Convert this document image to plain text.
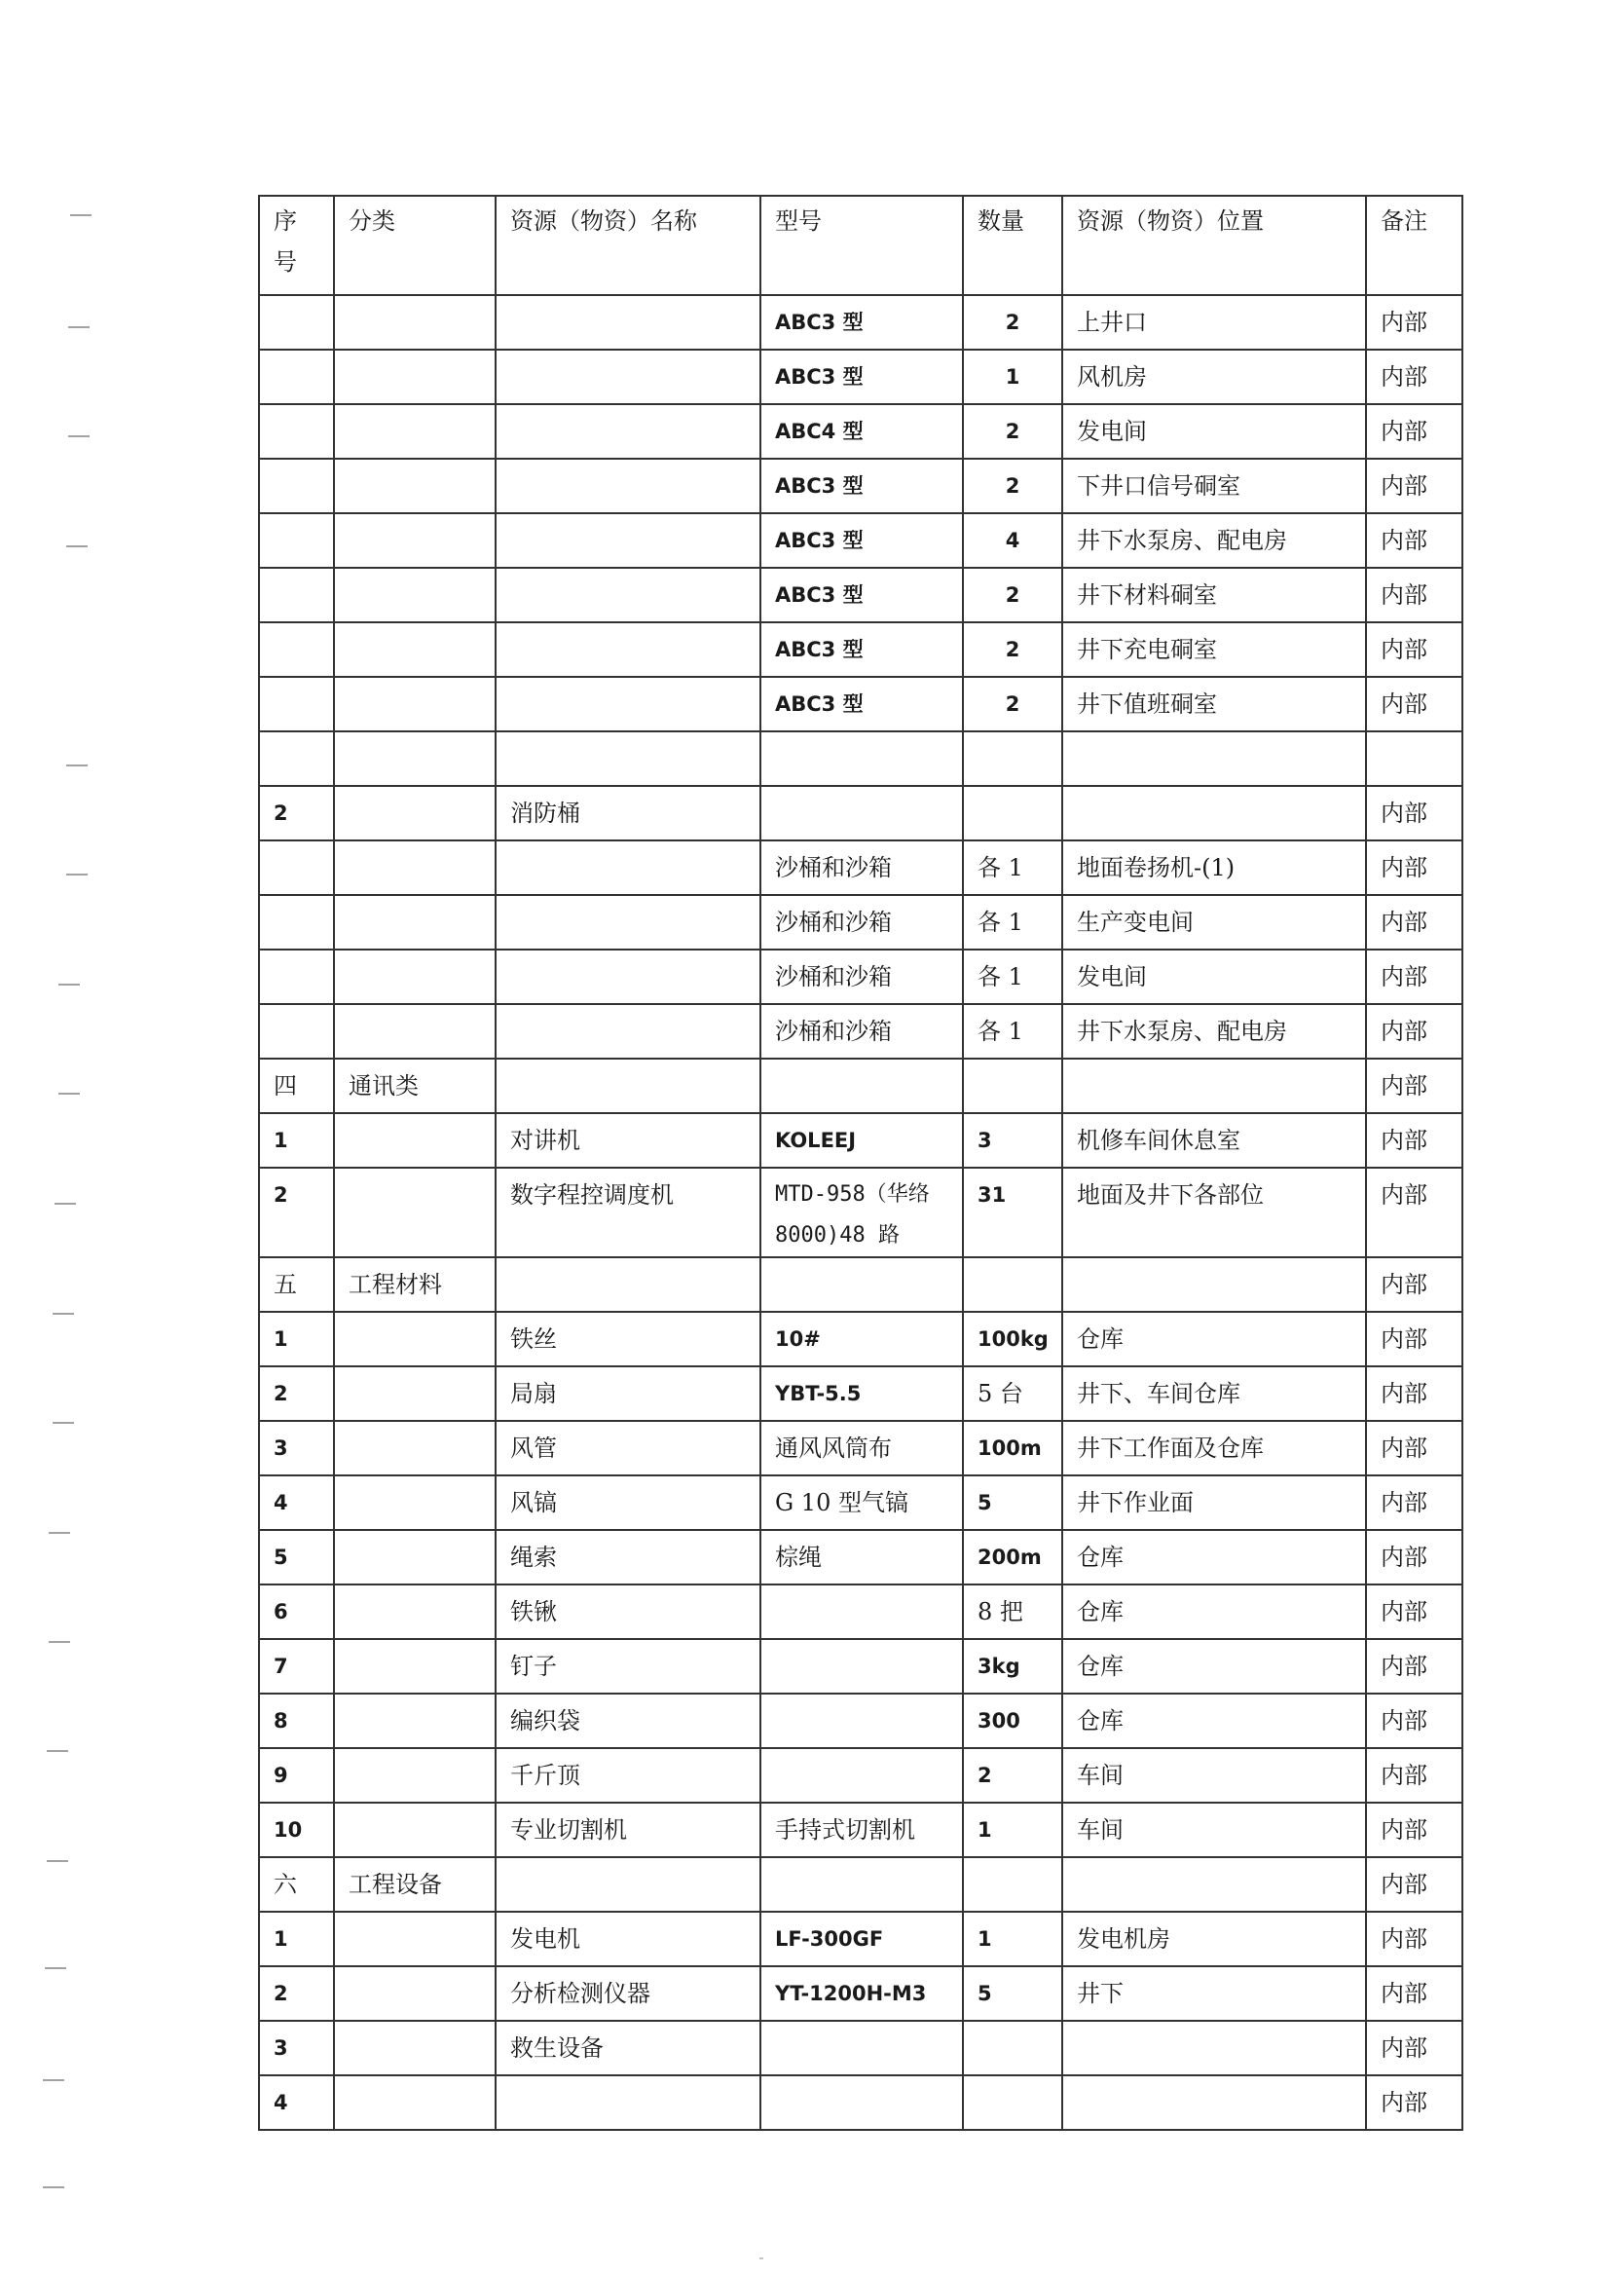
序号	分类	资源（物资）名称	型号	数量	资源（物资）位置	备注
			ABC3 型	2	上井口	内部
			ABC3 型	1	风机房	内部
			ABC4 型	2	发电间	内部
			ABC3 型	2	下井口信号硐室	内部
			ABC3 型	4	井下水泵房、配电房	内部
			ABC3 型	2	井下材料硐室	内部
			ABC3 型	2	井下充电硐室	内部
			ABC3 型	2	井下值班硐室	内部

2		消防桶				内部
			沙桶和沙箱	各 1	地面卷扬机-(1)	内部
			沙桶和沙箱	各 1	生产变电间	内部
			沙桶和沙箱	各 1	发电间	内部
			沙桶和沙箱	各 1	井下水泵房、配电房	内部
四	通讯类					内部
1		对讲机	KOLEEJ	3	机修车间休息室	内部
2		数字程控调度机	MTD-958（华络8000)48 路	31	地面及井下各部位	内部
五	工程材料					内部
1		铁丝	10#	100kg	仓库	内部
2		局扇	YBT-5.5	5 台	井下、车间仓库	内部
3		风管	通风风筒布	100m	井下工作面及仓库	内部
4		风镐	G 10 型气镐	5	井下作业面	内部
5		绳索	棕绳	200m	仓库	内部
6		铁锹		8 把	仓库	内部
7		钉子		3kg	仓库	内部
8		编织袋		300	仓库	内部
9		千斤顶		2	车间	内部
10		专业切割机	手持式切割机	1	车间	内部
六	工程设备					内部
1		发电机	LF-300GF	1	发电机房	内部
2		分析检测仪器	YT-1200H-M3	5	井下	内部
3		救生设备				内部
4						内部
